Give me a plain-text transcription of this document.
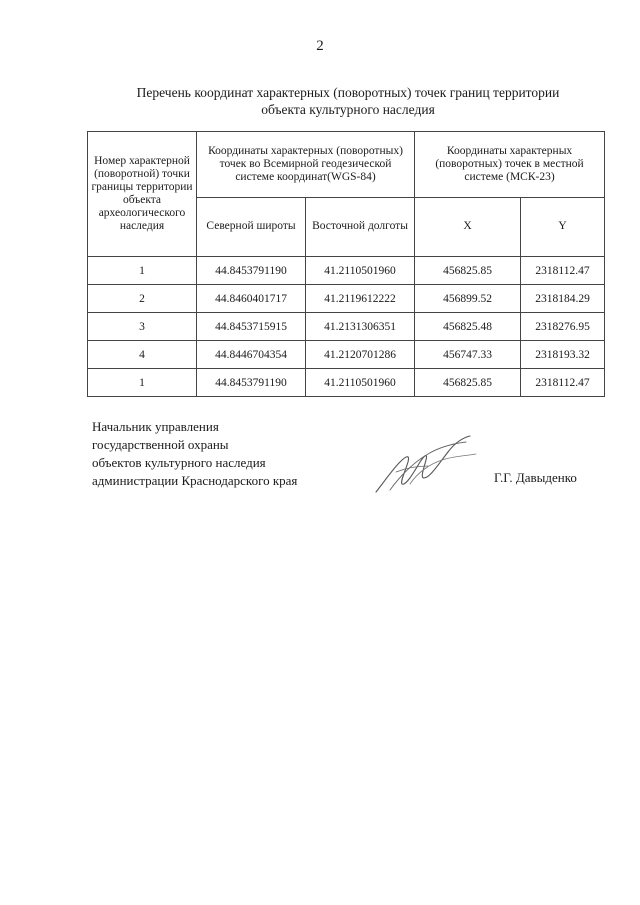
2
Перечень координат характерных (поворотных) точек границ территории
объекта культурного наследия
Номер характерной (поворотной) точки границы территории объекта археологического наследия	Координаты характерных (поворотных) точек во Всемирной геодезической системе координат(WGS-84)		Координаты характерных (поворотных) точек в местной системе (МСК-23)	
	Северной широты	Восточной долготы	X	Y
1	44.8453791190	41.2110501960	456825.85	2318112.47
2	44.8460401717	41.2119612222	456899.52	2318184.29
3	44.8453715915	41.2131306351	456825.48	2318276.95
4	44.8446704354	41.2120701286	456747.33	2318193.32
1	44.8453791190	41.2110501960	456825.85	2318112.47
Начальник управления
государственной охраны
объектов культурного наследия
администрации Краснодарского края	Г.Г. Давыденко
